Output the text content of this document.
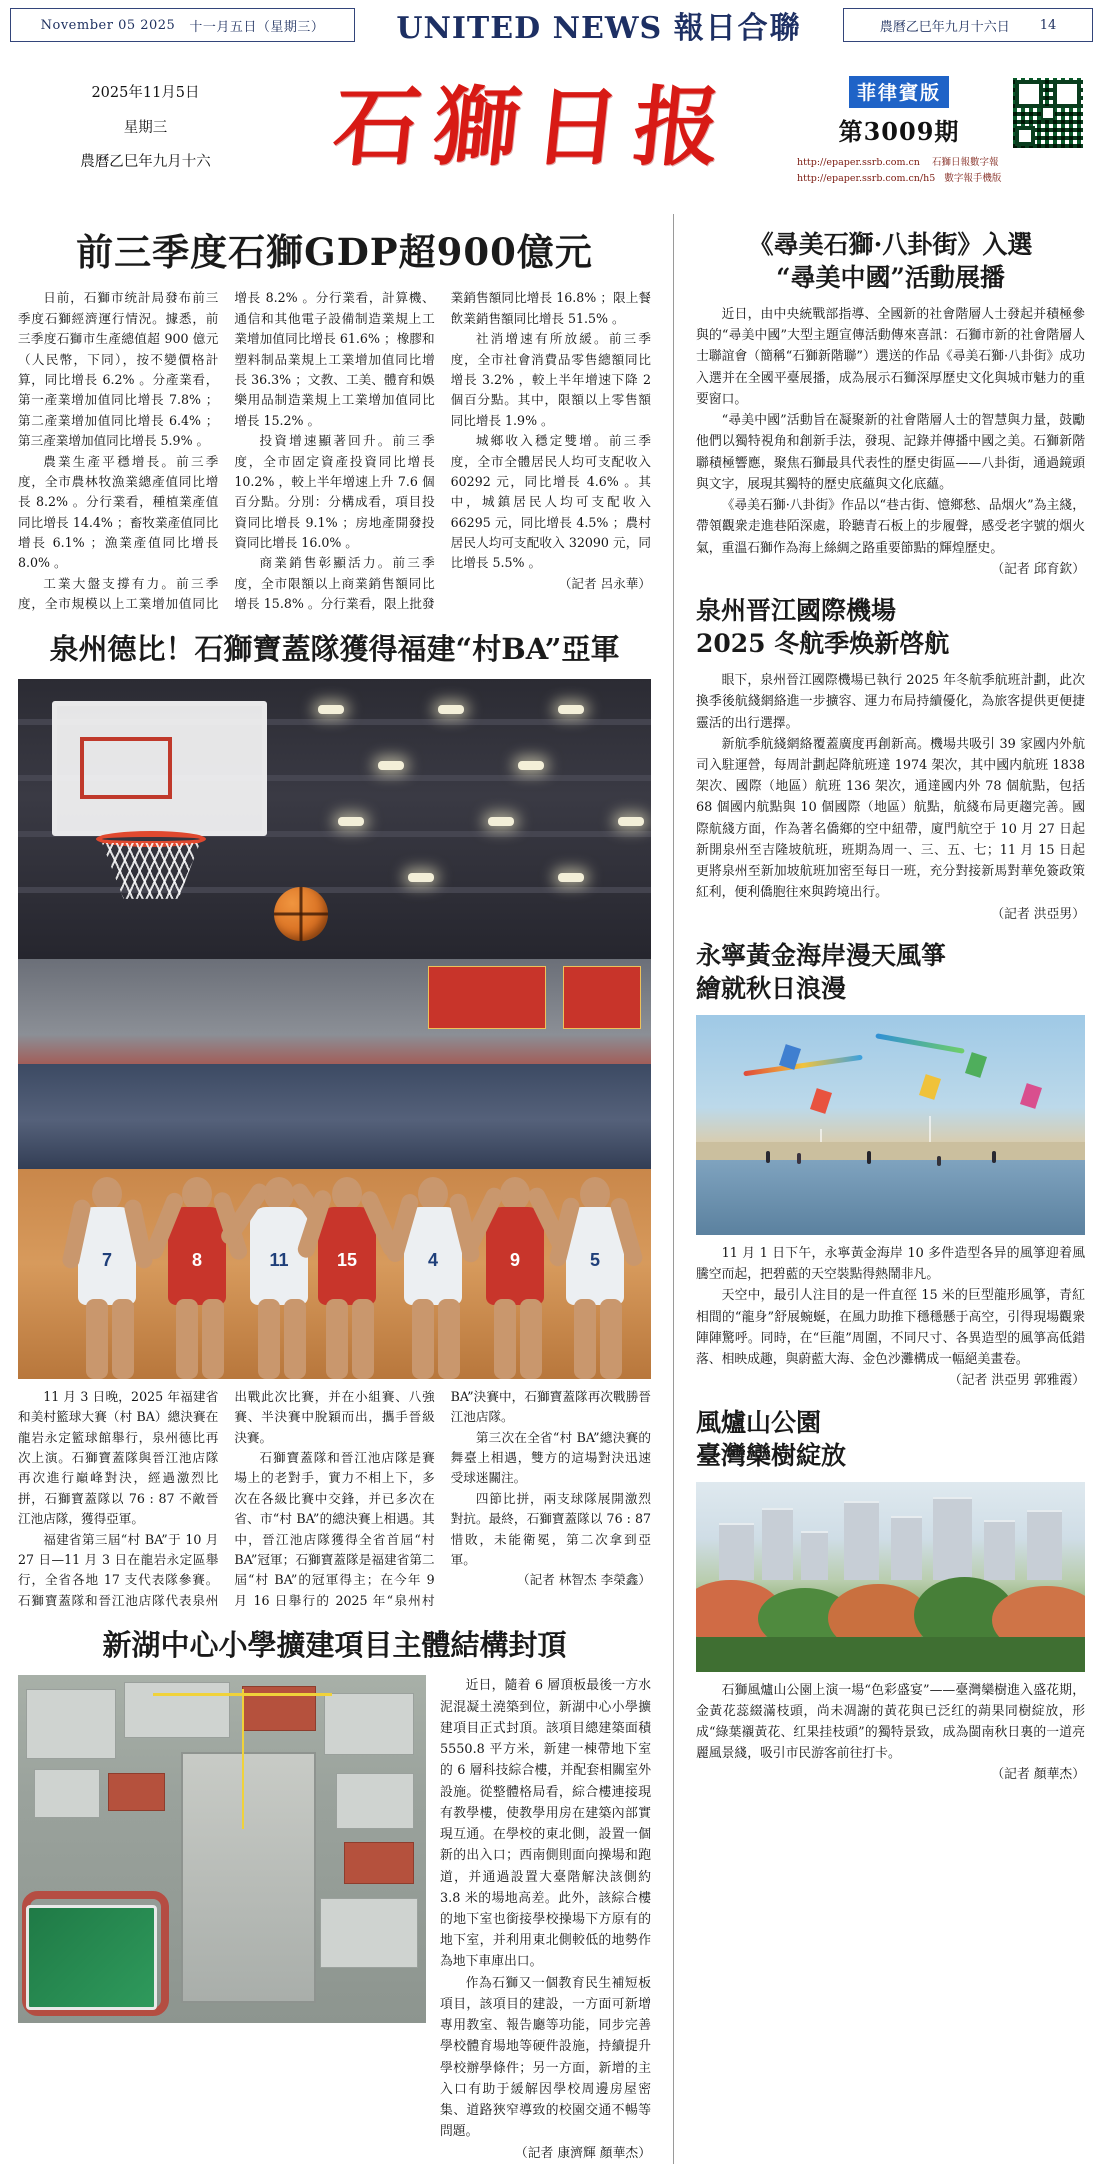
November 05 2025 十一月五日（星期三）	UNITED NEWS 報日合聯	農曆乙巳年九月十六日 14
2025年11月5日
星期三
農曆乙巳年九月十六	石獅日报	菲律賓版
第3009期
http://epaper.ssrb.com.cn 石獅日報數字報
http://epaper.ssrb.com.cn/h5 數字報手機版
前三季度石獅GDP超900億元

日前，石獅市统計局發布前三季度石獅經濟運行情況。據悉，前三季度石獅市生產總值超 900 億元（人民幣，下同），按不變價格計算，同比增長 6.2% 。分產業看，第一產業增加值同比增長 7.8% ；第二產業增加值同比增長 6.4% ；第三產業增加值同比增長 5.9% 。

農業生產平穩增長。前三季度，全市農林牧漁業總產值同比增長 8.2% 。分行業看，種植業產值同比增長 14.4% ；畜牧業產值同比增長 6.1% ；漁業產值同比增長 8.0% 。

工業大盤支撐有力。前三季度，全市規模以上工業增加值同比增長 8.2% 。分行業看，計算機、通信和其他電子設備制造業規上工業增加值同比增長 61.6% ；橡膠和塑料制品業規上工業增加值同比增長 36.3% ；文教、工美、體育和娛樂用品制造業規上工業增加值同比增長 15.2% 。

投資增速顯著回升。前三季度，全市固定資產投資同比增長 10.2% ，較上半年增速上升 7.6 個百分點。分別：分構成看，項目投資同比增長 9.1% ；房地產開發投資同比增長 16.0% 。

商業銷售彰顯活力。前三季度，全市限額以上商業銷售額同比增長 15.8% 。分行業看，限上批發業銷售額同比增長 16.8% ；限上餐飲業銷售額同比增長 51.5% 。

社消增速有所放緩。前三季度，全市社會消費品零售總額同比增長 3.2% ，較上半年增速下降 2 個百分點。其中，限額以上零售額同比增長 1.9% 。

城鄉收入穩定雙增。前三季度，全市全體居民人均可支配收入 60292 元，同比增長 4.6% 。其中，城鎮居民人均可支配收入 66295 元，同比增長 4.5% ；農村居民人均可支配收入 32090 元，同比增長 5.5% 。

（記者 呂永華）

泉州德比！石獅寶蓋隊獲得福建“村BA”亞軍
7	8	11	15	4	9	5

11 月 3 日晚，2025 年福建省和美村籃球大賽（村 BA）總決賽在龍岩永定籃球館舉行，泉州德比再次上演。石獅寶蓋隊與晉江池店隊再次進行巔峰對決，經過激烈比拼，石獅寶蓋隊以 76 : 87 不敵晉江池店隊，獲得亞軍。

福建省第三屆“村 BA”于 10 月 27 日—11 月 3 日在龍岩永定區舉行，全省各地 17 支代表隊參賽。石獅寶蓋隊和晉江池店隊代表泉州出戰此次比賽，并在小組賽、八強賽、半決賽中脫穎而出，攜手晉級決賽。

石獅寶蓋隊和晉江池店隊是賽場上的老對手，實力不相上下，多次在各級比賽中交鋒，并已多次在省、市“村 BA”的總決賽上相遇。其中，晉江池店隊獲得全省首屆“村 BA”冠軍；石獅寶蓋隊是福建省第二屆“村 BA”的冠軍得主；在今年 9 月 16 日舉行的 2025 年“泉州村 BA”決賽中，石獅寶蓋隊再次戰勝晉江池店隊。

第三次在全省“村 BA”總決賽的舞臺上相遇，雙方的這場對決迅速受球迷關注。

四節比拼，兩支球隊展開激烈對抗。最終，石獅寶蓋隊以 76 : 87 惜敗，未能衛冕，第二次拿到亞軍。

（記者 林智杰 李榮鑫）

新湖中心小學擴建項目主體結構封頂

近日，隨着 6 層頂板最後一方水泥混凝土澆築到位，新湖中心小學擴建項目正式封頂。該項目總建築面積 5550.8 平方米，新建一棟帶地下室的 6 層科技綜合樓，并配套相關室外設施。從整體格局看，綜合樓連接現有教學樓，使教學用房在建築內部實現互通。在學校的東北側，設置一個新的出入口；西南側則面向操場和跑道，并通過設置大臺階解決該側約 3.8 米的場地高差。此外，該綜合樓的地下室也銜接學校操場下方原有的地下室，并利用東北側較低的地勢作為地下車庫出口。

作為石獅又一個教育民生補短板項目，該項目的建設，一方面可新增專用教室、報告廳等功能，同步完善學校體育場地等硬件設施，持續提升學校辦學條件；另一方面，新增的主入口有助于緩解因學校周邊房屋密集、道路狹窄導致的校園交通不暢等問題。

（記者 康濟輝 顏華杰）

《尋美石獅·八卦街》入選
“尋美中國”活動展播

近日，由中央統戰部指導、全國新的社會階層人士發起并積極參與的“尋美中國”大型主題宣傳活動傳來喜訊：石獅市新的社會階層人士聯誼會（簡稱“石獅新階聯”）選送的作品《尋美石獅·八卦街》成功入選并在全國平臺展播，成為展示石獅深厚歷史文化與城市魅力的重要窗口。

“尋美中國”活動旨在凝聚新的社會階層人士的智慧與力量，鼓勵他們以獨特視角和創新手法，發現、記錄并傳播中國之美。石獅新階聯積極響應，聚焦石獅最具代表性的歷史街區——八卦街，通過鏡頭與文字，展現其獨特的歷史底蘊與文化底蘊。

《尋美石獅·八卦街》作品以“巷古街、憶鄉愁、品烟火”為主綫，帶領觀衆走進巷陌深處，聆聽青石板上的步履聲，感受老字號的烟火氣，重溫石獅作為海上絲綢之路重要節點的輝煌歷史。

（記者 邱育欽）

泉州晋江國際機場
2025 冬航季焕新啓航

眼下，泉州晉江國際機場已執行 2025 年冬航季航班計劃，此次換季後航綫網絡進一步擴容、運力布局持續優化，為旅客提供更便捷靈活的出行選擇。

新航季航綫網絡覆蓋廣度再創新高。機場共吸引 39 家國内外航司入駐運營，每周計劃起降航班達 1974 架次，其中國内航班 1838 架次、國際（地區）航班 136 架次，通達國内外 78 個航點，包括 68 個國内航點與 10 個國際（地區）航點，航綫布局更趨完善。國際航綫方面，作為著名僑鄉的空中紐帶，廈門航空于 10 月 27 日起新開泉州至吉隆坡航班，班期為周一、三、五、七；11 月 15 日起更將泉州至新加坡航班加密至每日一班，充分對接新馬對華免簽政策紅利，便利僑胞往來與跨境出行。

（記者 洪亞男）

永寧黃金海岸漫天風箏
繪就秋日浪漫

11 月 1 日下午，永寧黃金海岸 10 多件造型各异的風箏迎着風騰空而起，把碧藍的天空裝點得熱鬧非凡。

天空中，最引人注目的是一件直徑 15 米的巨型龍形風箏，青紅相間的“龍身”舒展蜿蜒，在風力助推下穩穩懸于高空，引得現場觀衆陣陣驚呼。同時，在“巨龍”周圍，不同尺寸、各異造型的風箏高低錯落、相映成趣，與蔚藍大海、金色沙灘構成一幅絕美畫卷。

（記者 洪亞男 郭雅霞）

風爐山公園
臺灣欒樹綻放

石獅風爐山公園上演一場“色彩盛宴”——臺灣欒樹進入盛花期，金黃花蕊綴滿枝頭，尚未凋謝的黃花與已泛红的蒴果同樹綻放，形成“綠葉襯黃花、红果挂枝頭”的獨特景致，成為閩南秋日裏的一道亮麗風景綫，吸引市民游客前往打卡。

（記者 顏華杰）
